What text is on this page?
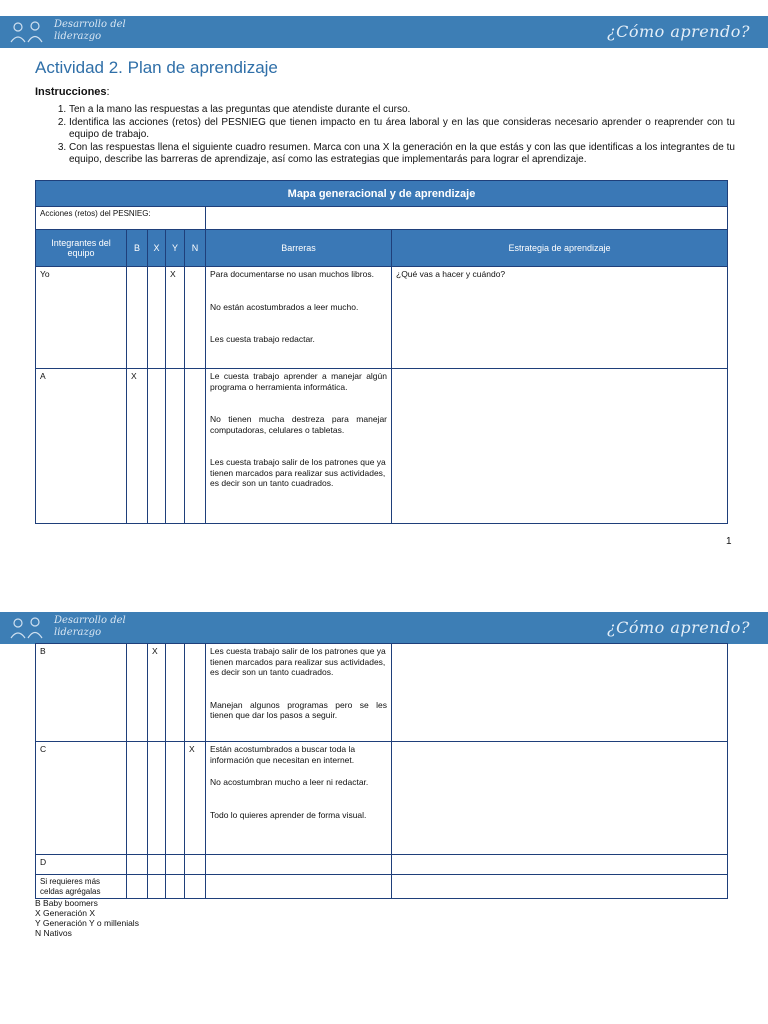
Desarrollo del
liderazgo	¿Cómo aprendo?
Actividad 2. Plan de aprendizaje
Instrucciones:
1. Ten a la mano las respuestas a las preguntas que atendiste durante el curso.
2. Identifica las acciones (retos) del PESNIEG que tienen impacto en tu área laboral y en las que consideras necesario aprender o reaprender con tu equipo de trabajo.
3. Con las respuestas llena el siguiente cuadro resumen. Marca con una X la generación en la que estás y con las que identificas a los integrantes de tu equipo, describe las barreras de aprendizaje, así como las estrategias que implementarás para lograr el aprendizaje.
Mapa generacional y de aprendizaje						
Acciones (retos) del PESNIEG:						
Integrantes del equipo	B	X	Y	N	Barreras	Estrategia de aprendizaje
Yo			X		Para documentarse no usan muchos libros.

No están acostumbrados a leer mucho.

Les cuesta trabajo redactar.	¿Qué vas a hacer y cuándo?
A	X				Le cuesta trabajo aprender a manejar algún programa o herramienta informática.

No tienen mucha destreza para manejar computadoras, celulares o tabletas.

Les cuesta trabajo salir de los patrones que ya tienen marcados para realizar sus actividades, es decir son un tanto cuadrados.	

1
Desarrollo del
liderazgo	¿Cómo aprendo?
B		X			Les cuesta trabajo salir de los patrones que ya tienen marcados para realizar sus actividades, es decir son un tanto cuadrados.

Manejan algunos programas pero se les tienen que dar los pasos a seguir.	

C				X	Están acostumbrados a buscar toda la información que necesitan en internet.

No acostumbran mucho a leer ni redactar.

Todo lo quieres aprender de forma visual.	

D						
Si requieres más celdas agrégalas						
B Baby boomers
X Generación X
Y Generación Y o millenials
N Nativos
